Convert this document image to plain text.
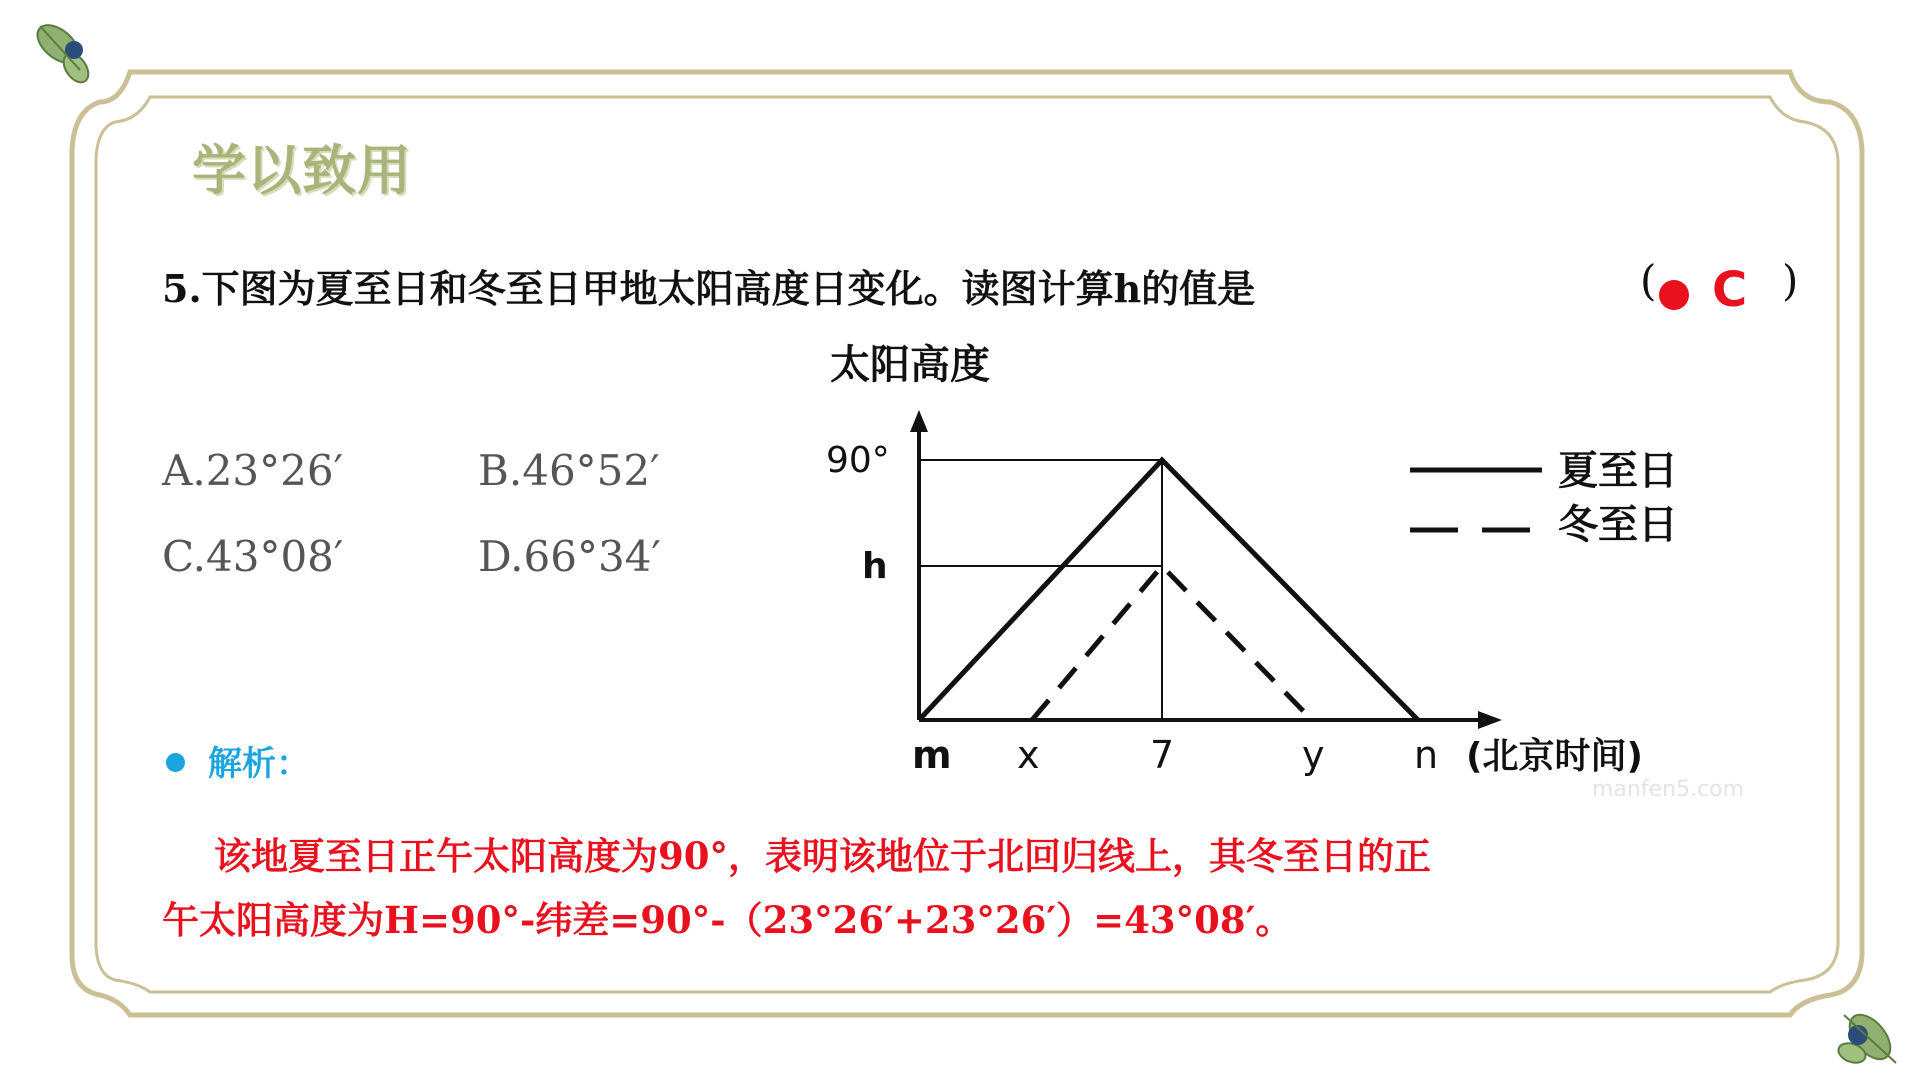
学以致用
5.下图为夏至日和冬至日甲地太阳高度日变化。读图计算h的值是	( C )
A.23°26′	B.46°52′
C.43°08′	D.66°34′
太阳高度
90°
h
m x	7	y n (北京时间)
manfen5.com
夏至日
冬至日
解析：
该地夏至日正午太阳高度为90°，表明该地位于北回归线上，其冬至日的正
午太阳高度为H=90°-纬差=90°-（23°26′+23°26′）=43°08′。
